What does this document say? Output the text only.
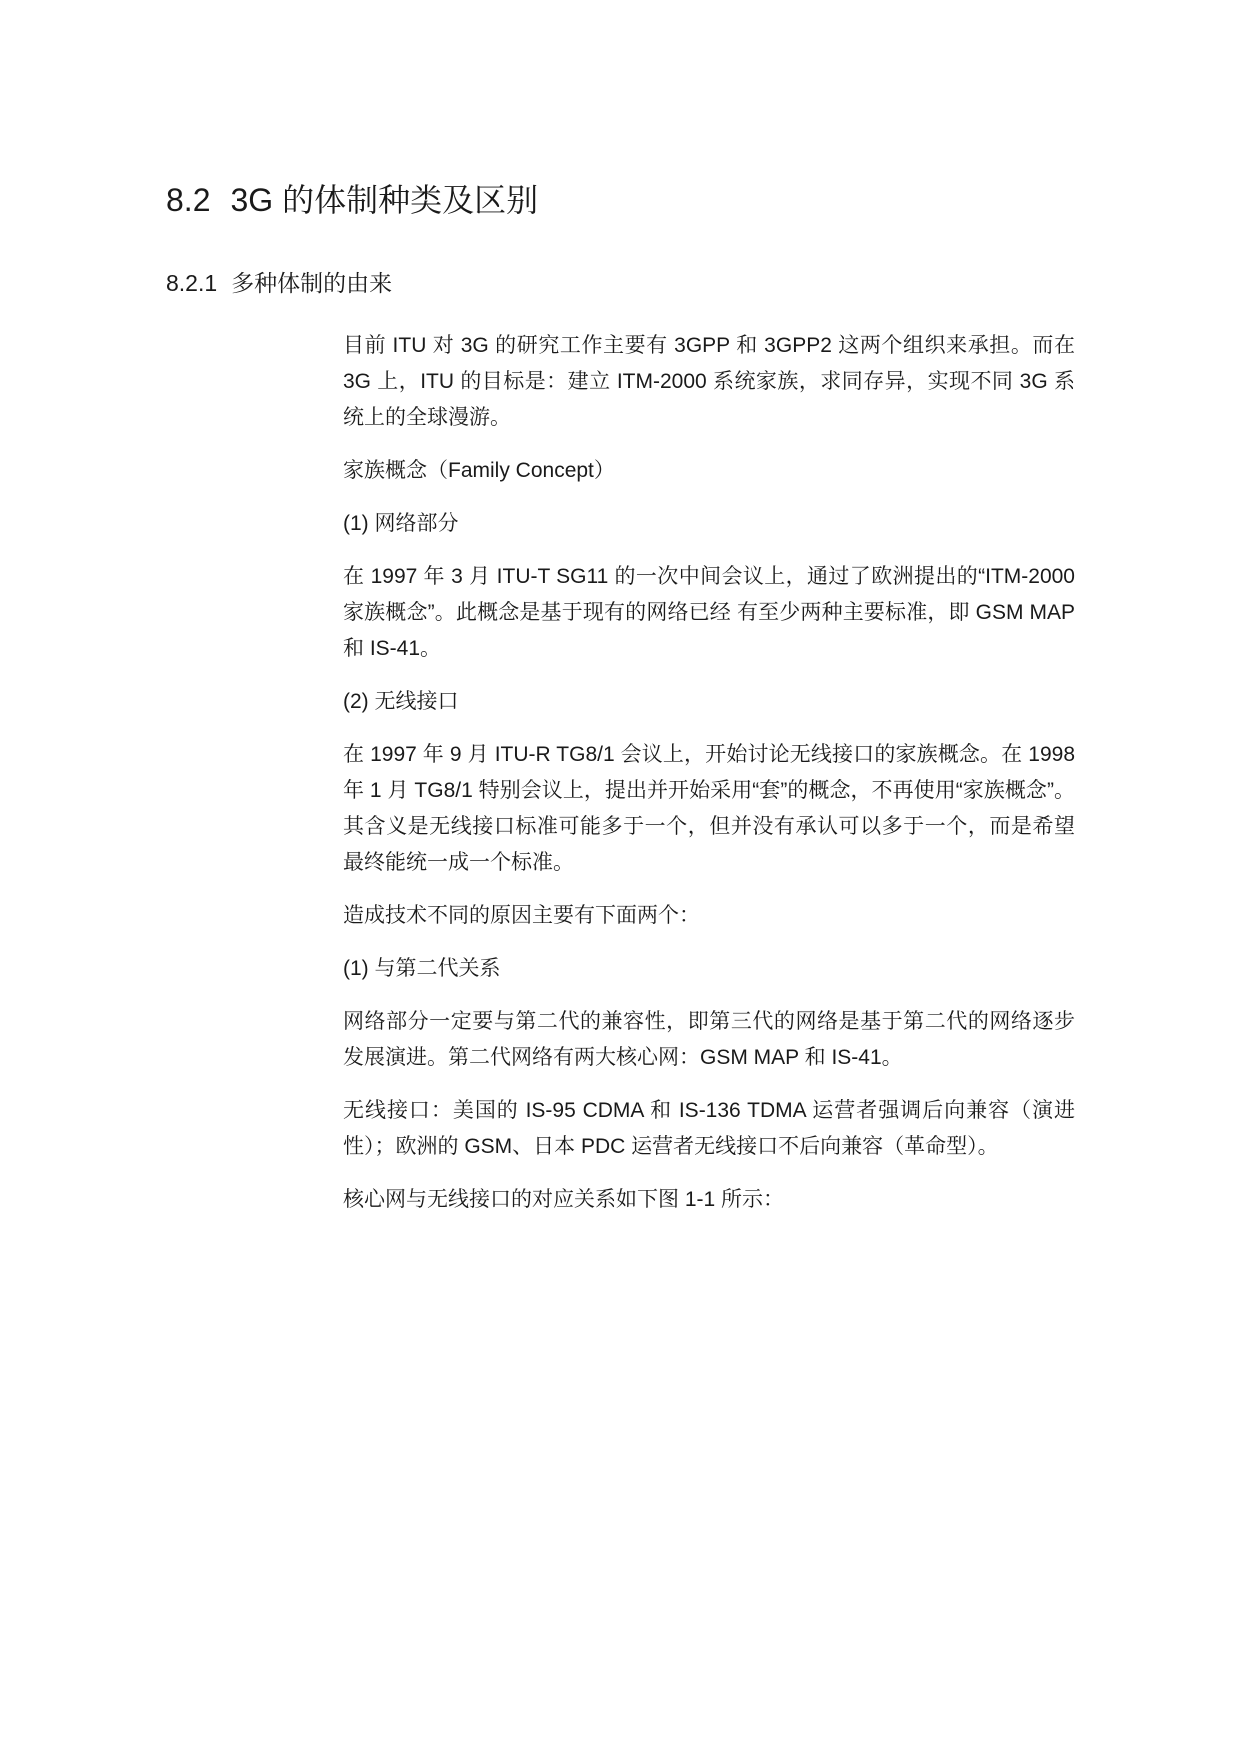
8.2 3G 的体制种类及区别
8.2.1 多种体制的由来

目前 ITU 对 3G 的研究工作主要有 3GPP 和 3GPP2 这两个组织来承担。而在 3G 上，ITU 的目标是：建立 ITM-2000 系统家族，求同存异，实现不同 3G 系统上的全球漫游。

家族概念（Family Concept）

(1) 网络部分

在 1997 年 3 月 ITU-T SG11 的一次中间会议上，通过了欧洲提出的“ITM-2000 家族概念”。此概念是基于现有的网络已经 有至少两种主要标准，即 GSM MAP 和 IS-41。

(2) 无线接口

在 1997 年 9 月 ITU-R TG8/1 会议上，开始讨论无线接口的家族概念。在 1998 年 1 月 TG8/1 特别会议上，提出并开始采用“套”的概念，不再使用“家族概念”。其含义是无线接口标准可能多于一个，但并没有承认可以多于一个，而是希望最终能统一成一个标准。

造成技术不同的原因主要有下面两个：

(1) 与第二代关系

网络部分一定要与第二代的兼容性，即第三代的网络是基于第二代的网络逐步发展演进。第二代网络有两大核心网：GSM MAP 和 IS-41。

无线接口：美国的 IS-95 CDMA 和 IS-136 TDMA 运营者强调后向兼容（演进性）；欧洲的 GSM、日本 PDC 运营者无线接口不后向兼容（革命型）。

核心网与无线接口的对应关系如下图 1-1 所示：
